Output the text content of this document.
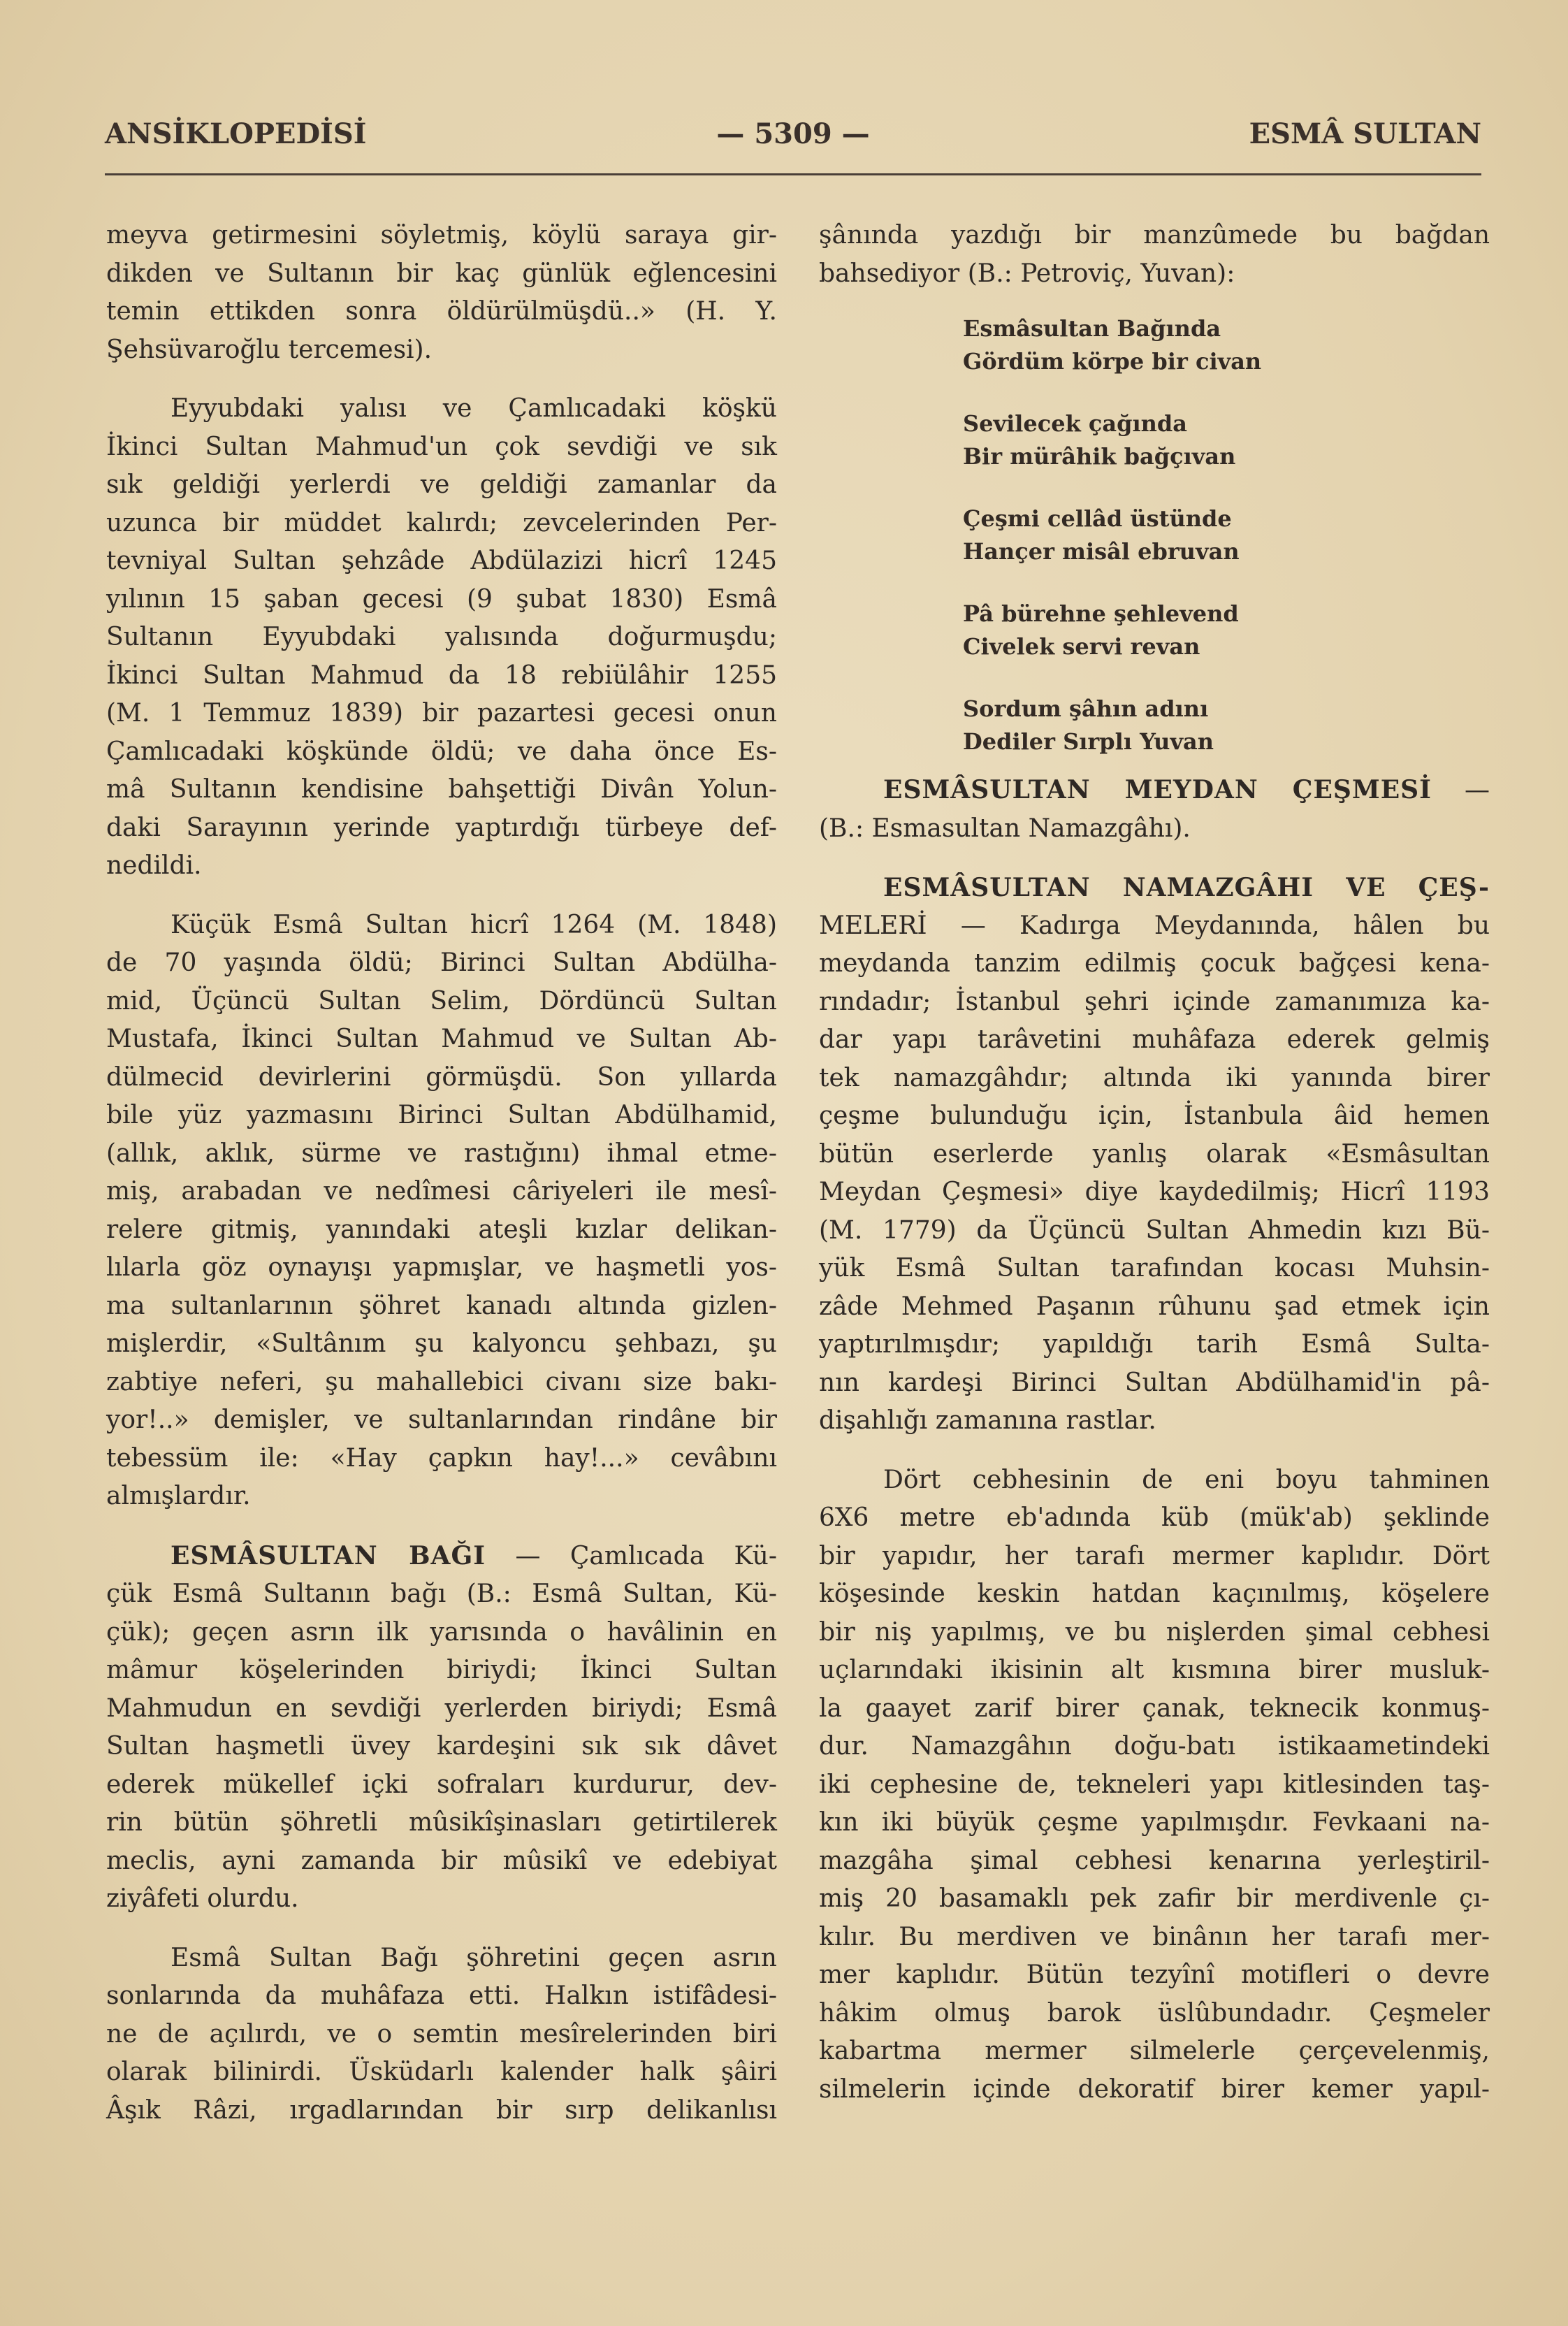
ANSİKLOPEDİSİ	— 5309 —	ESMÂ SULTAN

meyva getirmesini söyletmiş, köylü saraya gir-
dikden ve Sultanın bir kaç günlük eğlencesini
temin ettikden sonra öldürülmüşdü..» (H. Y.
Şehsüvaroğlu tercemesi).

Eyyubdaki yalısı ve Çamlıcadaki köşkü
İkinci Sultan Mahmud'un çok sevdiği ve sık
sık geldiği yerlerdi ve geldiği zamanlar da
uzunca bir müddet kalırdı; zevcelerinden Per-
tevniyal Sultan şehzâde Abdülazizi hicrî 1245
yılının 15 şaban gecesi (9 şubat 1830) Esmâ
Sultanın Eyyubdaki yalısında doğurmuşdu;
İkinci Sultan Mahmud da 18 rebiülâhir 1255
(M. 1 Temmuz 1839) bir pazartesi gecesi onun
Çamlıcadaki köşkünde öldü; ve daha önce Es-
mâ Sultanın kendisine bahşettiği Divân Yolun-
daki Sarayının yerinde yaptırdığı türbeye def-
nedildi.

Küçük Esmâ Sultan hicrî 1264 (M. 1848)
de 70 yaşında öldü; Birinci Sultan Abdülha-
mid, Üçüncü Sultan Selim, Dördüncü Sultan
Mustafa, İkinci Sultan Mahmud ve Sultan Ab-
dülmecid devirlerini görmüşdü. Son yıllarda
bile yüz yazmasını Birinci Sultan Abdülhamid,
(allık, aklık, sürme ve rastığını) ihmal etme-
miş, arabadan ve nedîmesi câriyeleri ile mesî-
relere gitmiş, yanındaki ateşli kızlar delikan-
lılarla göz oynayışı yapmışlar, ve haşmetli yos-
ma sultanlarının şöhret kanadı altında gizlen-
mişlerdir, «Sultânım şu kalyoncu şehbazı, şu
zabtiye neferi, şu mahallebici civanı size bakı-
yor!..» demişler, ve sultanlarından rindâne bir
tebessüm ile: «Hay çapkın hay!...» cevâbını
almışlardır.

ESMÂSULTAN BAĞI — Çamlıcada Kü-
çük Esmâ Sultanın bağı (B.: Esmâ Sultan, Kü-
çük); geçen asrın ilk yarısında o havâlinin en
mâmur köşelerinden biriydi; İkinci Sultan
Mahmudun en sevdiği yerlerden biriydi; Esmâ
Sultan haşmetli üvey kardeşini sık sık dâvet
ederek mükellef içki sofraları kurdurur, dev-
rin bütün şöhretli mûsikîşinasları getirtilerek
meclis, ayni zamanda bir mûsikî ve edebiyat
ziyâfeti olurdu.

Esmâ Sultan Bağı şöhretini geçen asrın
sonlarında da muhâfaza etti. Halkın istifâdesi-
ne de açılırdı, ve o semtin mesîrelerinden biri
olarak bilinirdi. Üsküdarlı kalender halk şâiri
Âşık Râzi, ırgadlarından bir sırp delikanlısı

şânında yazdığı bir manzûmede bu bağdan
bahsediyor (B.: Petroviç, Yuvan):

Esmâsultan Bağında
Gördüm körpe bir civan
Sevilecek çağında
Bir mürâhik bağçıvan
Çeşmi cellâd üstünde
Hançer misâl ebruvan
Pâ bürehne şehlevend
Civelek servi revan
Sordum şâhın adını
Dediler Sırplı Yuvan

ESMÂSULTAN MEYDAN ÇEŞMESİ —
(B.: Esmasultan Namazgâhı).

ESMÂSULTAN NAMAZGÂHI VE ÇEŞ-
MELERİ — Kadırga Meydanında, hâlen bu
meydanda tanzim edilmiş çocuk bağçesi kena-
rındadır; İstanbul şehri içinde zamanımıza ka-
dar yapı tarâvetini muhâfaza ederek gelmiş
tek namazgâhdır; altında iki yanında birer
çeşme bulunduğu için, İstanbula âid hemen
bütün eserlerde yanlış olarak «Esmâsultan
Meydan Çeşmesi» diye kaydedilmiş; Hicrî 1193
(M. 1779) da Üçüncü Sultan Ahmedin kızı Bü-
yük Esmâ Sultan tarafından kocası Muhsin-
zâde Mehmed Paşanın rûhunu şad etmek için
yaptırılmışdır; yapıldığı tarih Esmâ Sulta-
nın kardeşi Birinci Sultan Abdülhamid'in pâ-
dişahlığı zamanına rastlar.

Dört cebhesinin de eni boyu tahminen
6X6 metre eb'adında küb (mük'ab) şeklinde
bir yapıdır, her tarafı mermer kaplıdır. Dört
köşesinde keskin hatdan kaçınılmış, köşelere
bir niş yapılmış, ve bu nişlerden şimal cebhesi
uçlarındaki ikisinin alt kısmına birer musluk-
la gaayet zarif birer çanak, teknecik konmuş-
dur. Namazgâhın doğu-batı istikaametindeki
iki cephesine de, tekneleri yapı kitlesinden taş-
kın iki büyük çeşme yapılmışdır. Fevkaani na-
mazgâha şimal cebhesi kenarına yerleştiril-
miş 20 basamaklı pek zafir bir merdivenle çı-
kılır. Bu merdiven ve binânın her tarafı mer-
mer kaplıdır. Bütün tezyînî motifleri o devre
hâkim olmuş barok üslûbundadır. Çeşmeler
kabartma mermer silmelerle çerçevelenmiş,
silmelerin içinde dekoratif birer kemer yapıl-
